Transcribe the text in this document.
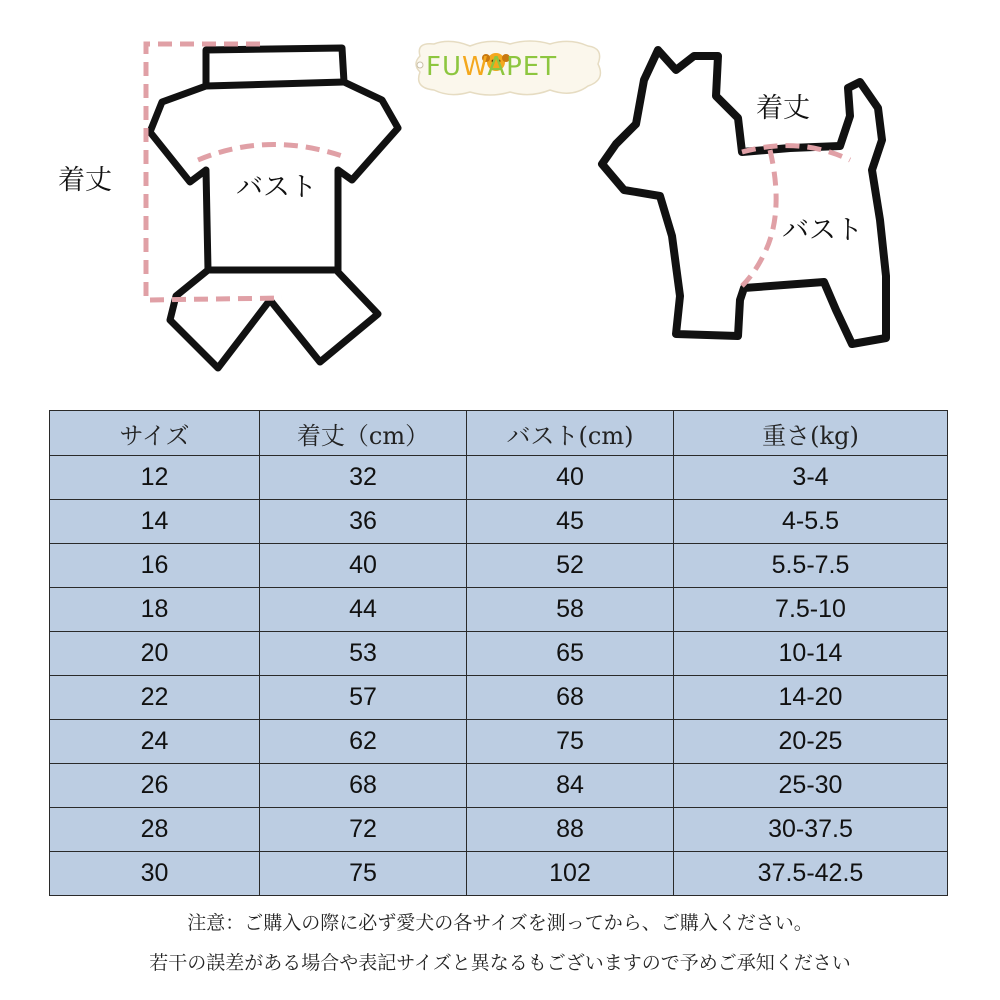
着丈	バスト
着丈
バスト
FUWAPET
サイズ	着丈（cm）	バスト(cm)	重さ(kg)
12	32	40	3-4
14	36	45	4-5.5
16	40	52	5.5-7.5
18	44	58	7.5-10
20	53	65	10-14
22	57	68	14-20
24	62	75	20-25
26	68	84	25-30
28	72	88	30-37.5
30	75	102	37.5-42.5
注意：ご購入の際に必ず愛犬の各サイズを測ってから、ご購入ください。
若干の誤差がある場合や表記サイズと異なるもございますので予めご承知ください
